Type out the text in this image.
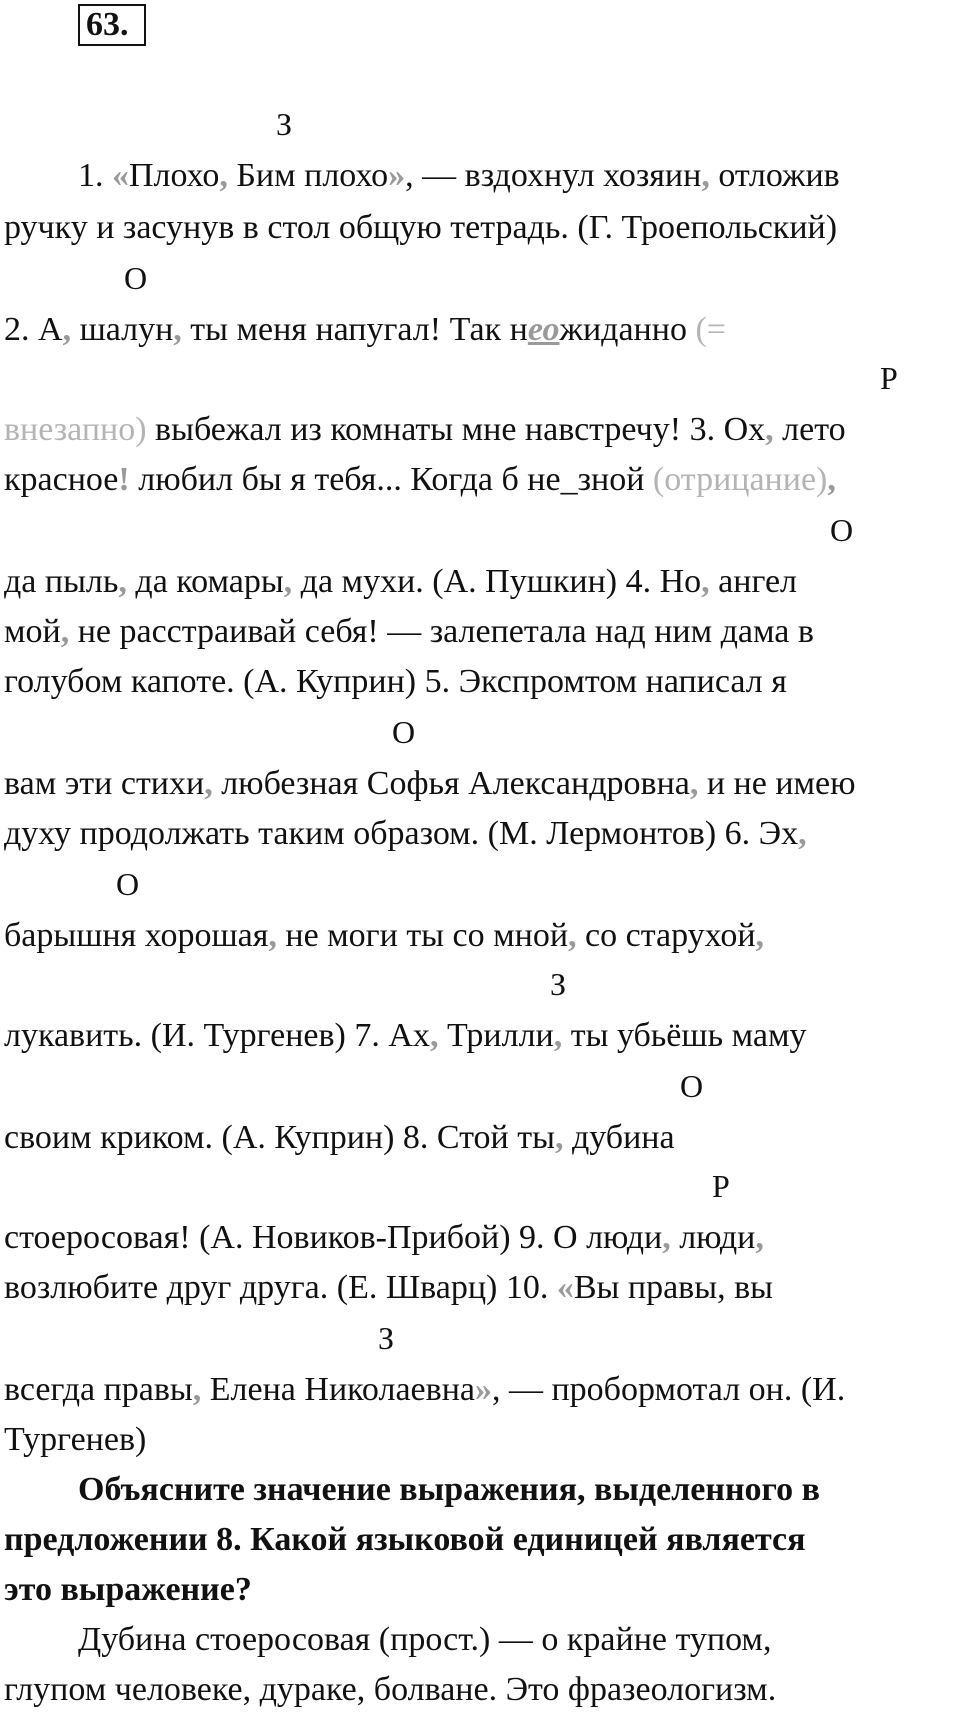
63.
З
1. «Плохо, Бим плохо», — вздохнул хозяин, отложив
ручку и засунув в стол общую тетрадь. (Г. Троепольский)
О
2. А, шалун, ты меня напугал! Так неожиданно (=
Р
внезапно) выбежал из комнаты мне навстречу! 3. Ох, лето
красное! любил бы я тебя... Когда б не_зной (отрицание),
О
да пыль, да комары, да мухи. (А. Пушкин) 4. Но, ангел
мой, не расстраивай себя! — залепетала над ним дама в
голубом капоте. (А. Куприн) 5. Экспромтом написал я
О
вам эти стихи, любезная Софья Александровна, и не имею
духу продолжать таким образом. (М. Лермонтов) 6. Эх,
О
барышня хорошая, не моги ты со мной, со старухой,
З
лукавить. (И. Тургенев) 7. Ах, Трилли, ты убьёшь маму
О
своим криком. (А. Куприн) 8. Стой ты, дубина
Р
стоеросовая! (А. Новиков-Прибой) 9. О люди, люди,
возлюбите друг друга. (Е. Шварц) 10. «Вы правы, вы
З
всегда правы, Елена Николаевна», — пробормотал он. (И.
Тургенев)
Объясните значение выражения, выделенного в
предложении 8. Какой языковой единицей является
это выражение?
Дубина стоеросовая (прост.) — о крайне тупом,
глупом человеке, дураке, болване. Это фразеологизм.
